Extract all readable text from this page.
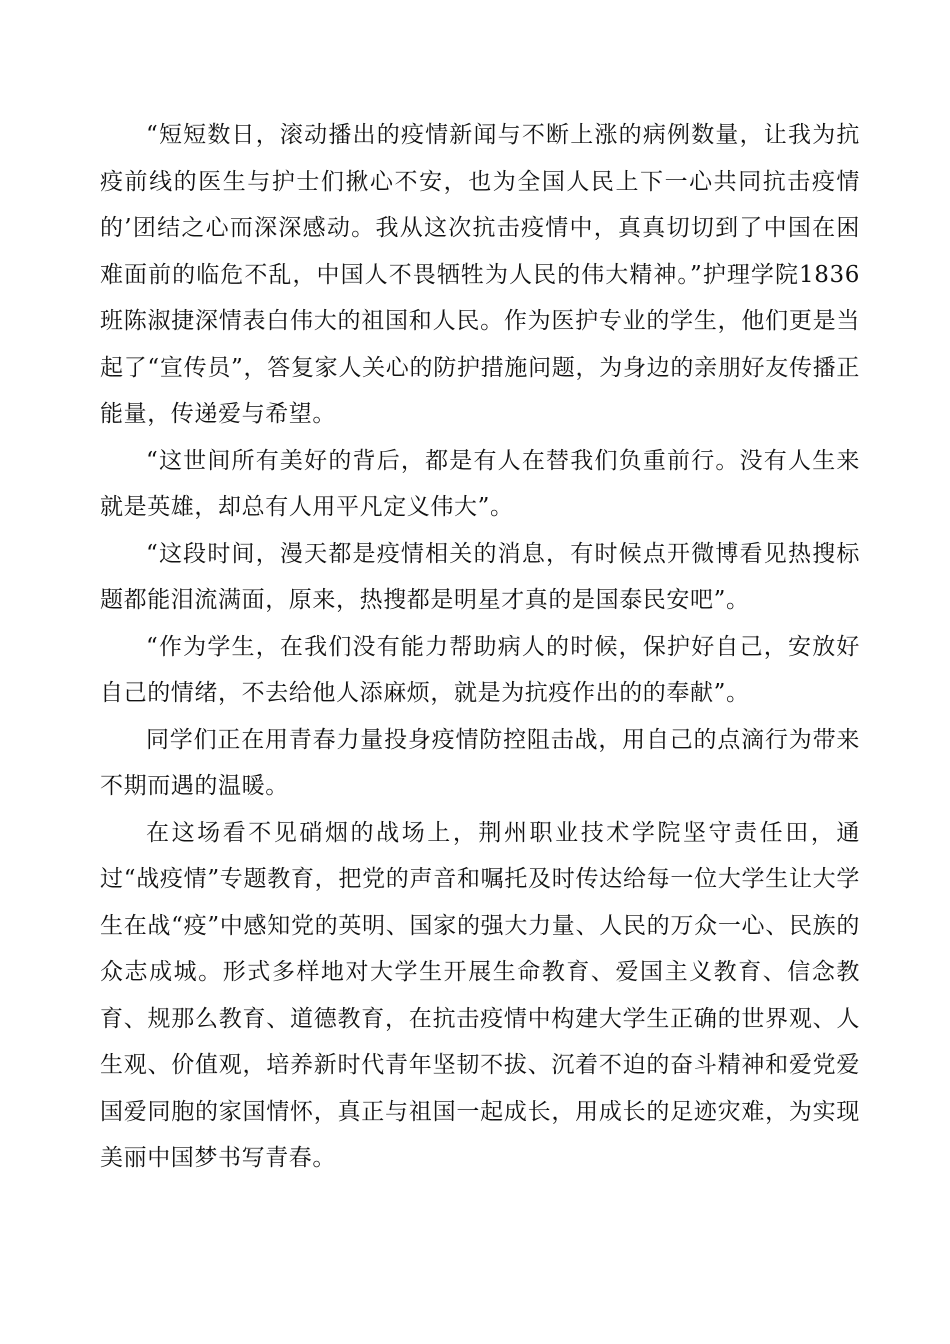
“短短数日，滚动播出的疫情新闻与不断上涨的病例数量，让我为抗疫前线的医生与护士们揪心不安，也为全国人民上下一心共同抗击疫情的’团结之心而深深感动。我从这次抗击疫情中，真真切切到了中国在困难面前的临危不乱，中国人不畏牺牲为人民的伟大精神。”护理学院1836班陈淑捷深情表白伟大的祖国和人民。作为医护专业的学生，他们更是当起了“宣传员”，答复家人关心的防护措施问题，为身边的亲朋好友传播正能量，传递爱与希望。

“这世间所有美好的背后，都是有人在替我们负重前行。没有人生来就是英雄，却总有人用平凡定义伟大”。

“这段时间，漫天都是疫情相关的消息，有时候点开微博看见热搜标题都能泪流满面，原来，热搜都是明星才真的是国泰民安吧”。

“作为学生，在我们没有能力帮助病人的时候，保护好自己，安放好自己的情绪，不去给他人添麻烦，就是为抗疫作出的的奉献”。

同学们正在用青春力量投身疫情防控阻击战，用自己的点滴行为带来不期而遇的温暖。

在这场看不见硝烟的战场上，荆州职业技术学院坚守责任田，通过“战疫情”专题教育，把党的声音和嘱托及时传达给每一位大学生让大学生在战“疫”中感知党的英明、国家的强大力量、人民的万众一心、民族的众志成城。形式多样地对大学生开展生命教育、爱国主义教育、信念教育、规那么教育、道德教育，在抗击疫情中构建大学生正确的世界观、人生观、价值观，培养新时代青年坚韧不拔、沉着不迫的奋斗精神和爱党爱国爱同胞的家国情怀，真正与祖国一起成长，用成长的足迹灾难，为实现美丽中国梦书写青春。
